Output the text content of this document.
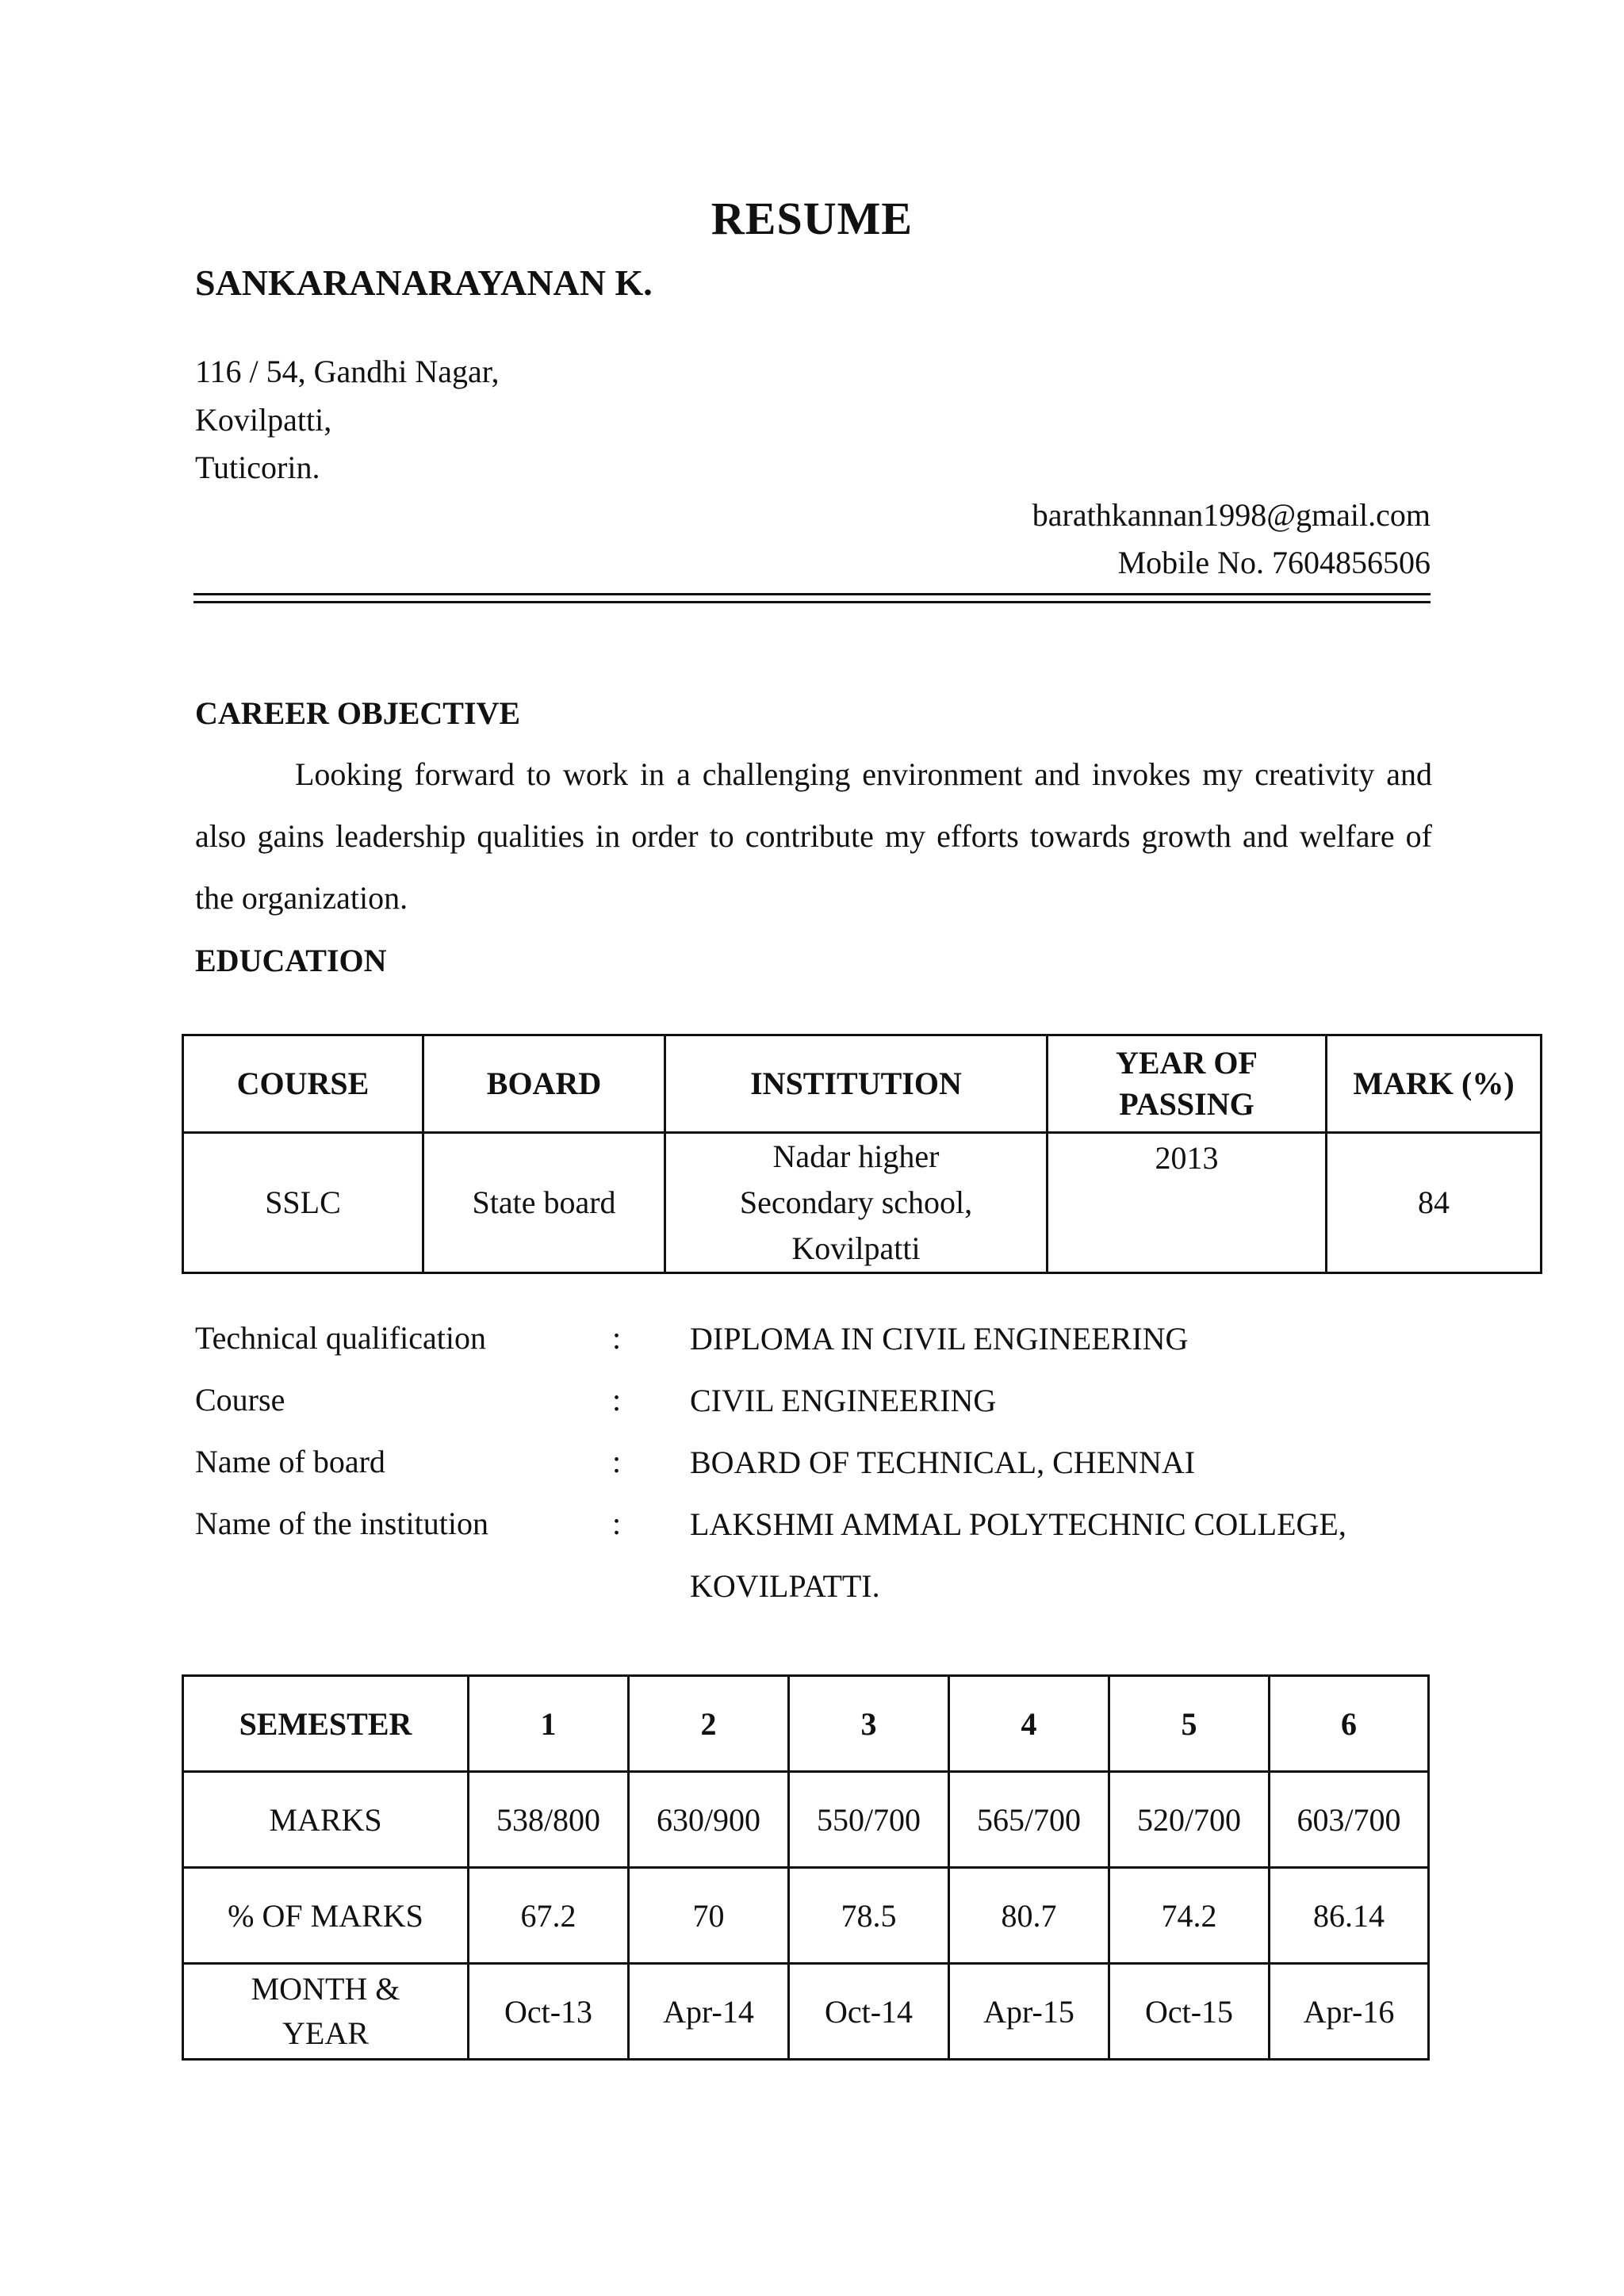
RESUME
SANKARANARAYANAN K.
116 / 54, Gandhi Nagar,
Kovilpatti,
Tuticorin.
barathkannan1998@gmail.com
Mobile No. 7604856506
CAREER OBJECTIVE
Looking forward to work in a challenging environment and invokes my creativity and also gains leadership qualities in order to contribute my efforts towards growth and welfare of the organization.
EDUCATION
COURSE	BOARD	INSTITUTION	YEAR OF PASSING	MARK (%)
SSLC	State board	Nadar higher
Secondary school,
Kovilpatti	2013	84
Technical qualification	: DIPLOMA IN CIVIL ENGINEERING
Course	: CIVIL ENGINEERING
Name of board	: BOARD OF TECHNICAL, CHENNAI
Name of the institution	: LAKSHMI AMMAL POLYTECHNIC COLLEGE,
KOVILPATTI.
SEMESTER	1	2	3	4	5	6
MARKS	538/800	630/900	550/700	565/700	520/700	603/700
% OF MARKS	67.2	70	78.5	80.7	74.2	86.14

MONTH &
YEAR	Oct-13	Apr-14	Oct-14	Apr-15	Oct-15	Apr-16
